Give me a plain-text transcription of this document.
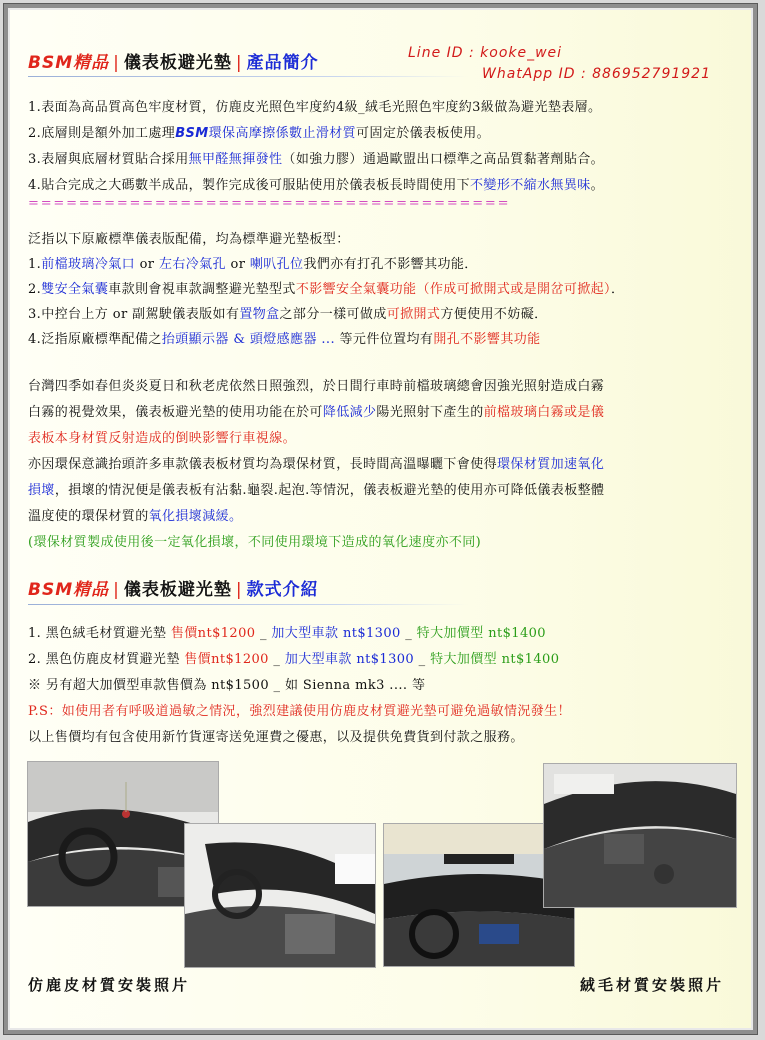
BSM精品 | 儀表板避光墊 | 產品簡介	Line ID : kooke_wei
WhatApp ID : 886952791921
1.表面為高品質高色牢度材質，仿鹿皮光照色牢度約4級_絨毛光照色牢度約3級做為避光墊表層。
2.底層則是額外加工處理BSM環保高摩擦係數止滑材質可固定於儀表板使用。
3.表層與底層材質貼合採用無甲醛無揮發性（如強力膠）通過歐盟出口標準之高品質黏著劑貼合。
4.貼合完成之大碼數半成品，製作完成後可服貼使用於儀表板長時間使用下不變形不縮水無異味。
======================================
泛指以下原廠標準儀表版配備，均為標準避光墊板型：
1.前檔玻璃冷氣口 or 左右冷氣孔 or 喇叭孔位我們亦有打孔不影響其功能．
2.雙安全氣囊車款則會視車款調整避光墊型式不影響安全氣囊功能（作成可掀開式或是開岔可掀起）．
3.中控台上方 or 副駕駛儀表版如有置物盒之部分一樣可做成可掀開式方便使用不妨礙．
4.泛指原廠標準配備之抬頭顯示器 & 頭燈感應器 ... 等元件位置均有開孔不影響其功能
台灣四季如春但炎炎夏日和秋老虎依然日照強烈，於日間行車時前檔玻璃總會因強光照射造成白霧
白霧的視覺效果，儀表板避光墊的使用功能在於可降低減少陽光照射下產生的前檔玻璃白霧或是儀
表板本身材質反射造成的倒映影響行車視線。
亦因環保意識抬頭許多車款儀表板材質均為環保材質，長時間高溫曝曬下會使得環保材質加速氧化
損壞，損壞的情況便是儀表板有沾黏.龜裂.起泡.等情況，儀表板避光墊的使用亦可降低儀表板整體
溫度使的環保材質的氧化損壞減緩。
(環保材質製成使用後一定氧化損壞，不同使用環境下造成的氧化速度亦不同)
BSM精品 | 儀表板避光墊 | 款式介紹
1. 黑色絨毛材質避光墊 售價nt$1200 _ 加大型車款 nt$1300 _ 特大加價型 nt$1400
2. 黑色仿鹿皮材質避光墊 售價nt$1200 _ 加大型車款 nt$1300 _ 特大加價型 nt$1400
※ 另有超大加價型車款售價為 nt$1500 _ 如 Sienna mk3 .... 等
P.S：如使用者有呼吸道過敏之情況，強烈建議使用仿鹿皮材質避光墊可避免過敏情況發生！
以上售價均有包含使用新竹貨運寄送免運費之優惠，以及提供免費貨到付款之服務。
仿鹿皮材質安裝照片	絨毛材質安裝照片
